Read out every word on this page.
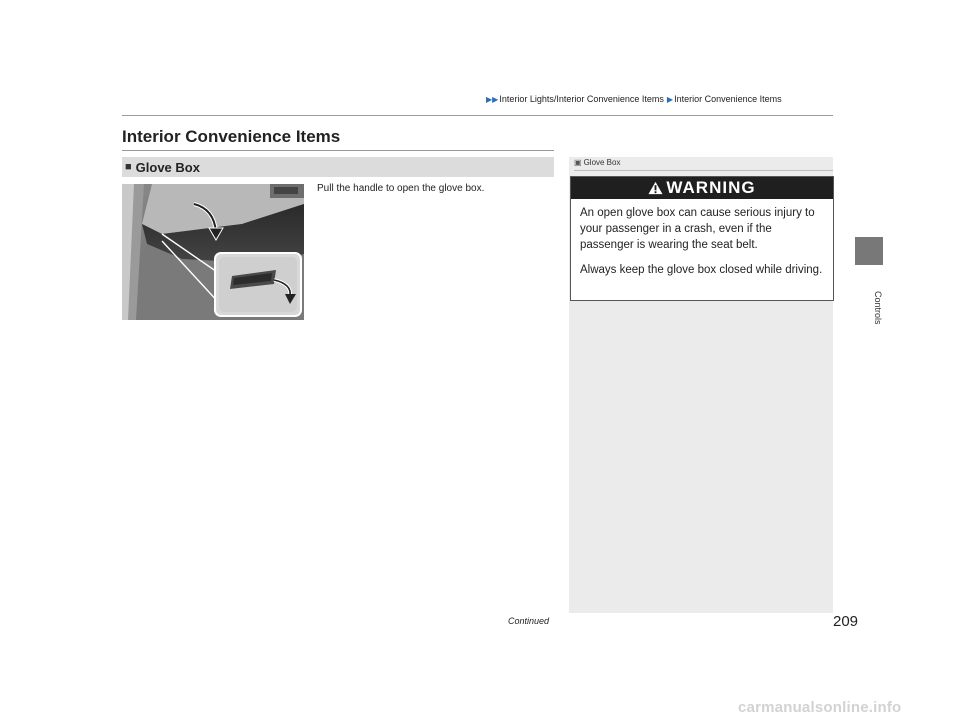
▶▶ Interior Lights/Interior Convenience Items ▶ Interior Convenience Items
Interior Convenience Items
■ Glove Box
Pull the handle to open the glove box.
▣ Glove Box
WARNING

An open glove box can cause serious injury to your passenger in a crash, even if the passenger is wearing the seat belt.

Always keep the glove box closed while driving.

Controls
Continued	209
carmanualsonline.info
